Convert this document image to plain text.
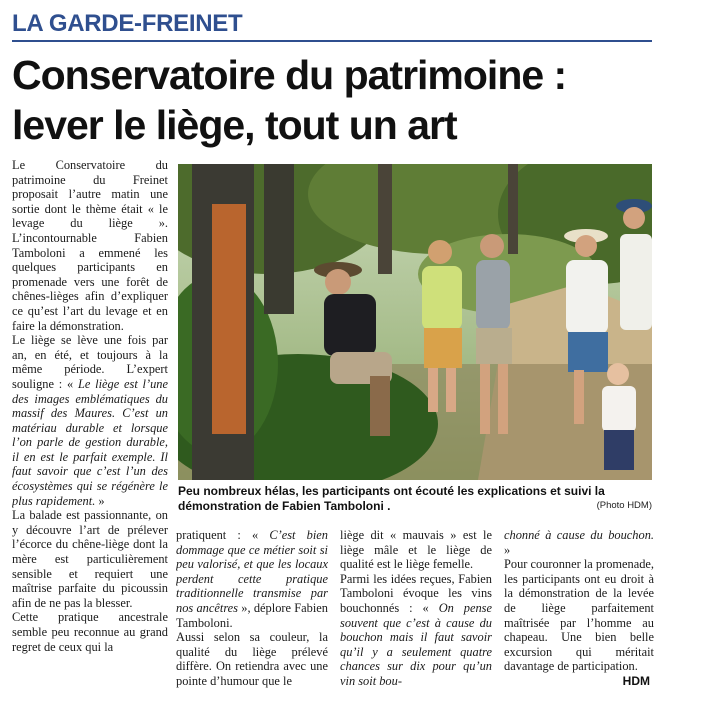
LA GARDE-FREINET
Conservatoire du patrimoine :
lever le liège, tout un art

Le Conservatoire du patrimoine du Freinet proposait l’autre matin une sortie dont le thème était « le levage du liège ». L’incontournable Fabien Tamboloni a emmené les quelques participants en promenade vers une forêt de chênes-lièges afin d’expliquer ce qu’est l’art du levage et en faire la démonstration.

Le liège se lève une fois par an, en été, et toujours à la même période. L’expert souligne : « Le liège est l’une des images emblématiques du massif des Maures. C’est un matériau durable et lorsque l’on parle de gestion durable, il en est le parfait exemple. Il faut savoir que c’est l’un des écosystèmes qui se régénère le plus rapidement. »

La balade est passionnante, on y découvre l’art de prélever l’écorce du chêne-liège dont la mère est particulièrement sensible et requiert une maîtrise parfaite du picoussin afin de ne pas la blesser.

Cette pratique ancestrale semble peu reconnue au grand regret de ceux qui la

Peu nombreux hélas, les participants ont écouté les explications et suivi la démonstration de Fabien Tamboloni .	(Photo HDM)

pratiquent : « C’est bien dommage que ce métier soit si peu valorisé, et que les locaux perdent cette pratique traditionnelle transmise par nos ancêtres », déplore Fabien Tamboloni.

Aussi selon sa couleur, la qualité du liège prélevé diffère. On retiendra avec une pointe d’humour que le

liège dit « mauvais » est le liège mâle et le liège de qualité est le liège femelle.

Parmi les idées reçues, Fabien Tamboloni évoque les vins bouchonnés : « On pense souvent que c’est à cause du bouchon mais il faut savoir qu’il y a seulement quatre chances sur dix pour qu’un vin soit bou-

chonné à cause du bouchon. »

Pour couronner la promenade, les participants ont eu droit à la démonstration de la levée de liège parfaitement maîtrisée par l’homme au chapeau. Une bien belle excursion qui méritait davantage de participation.

HDM
